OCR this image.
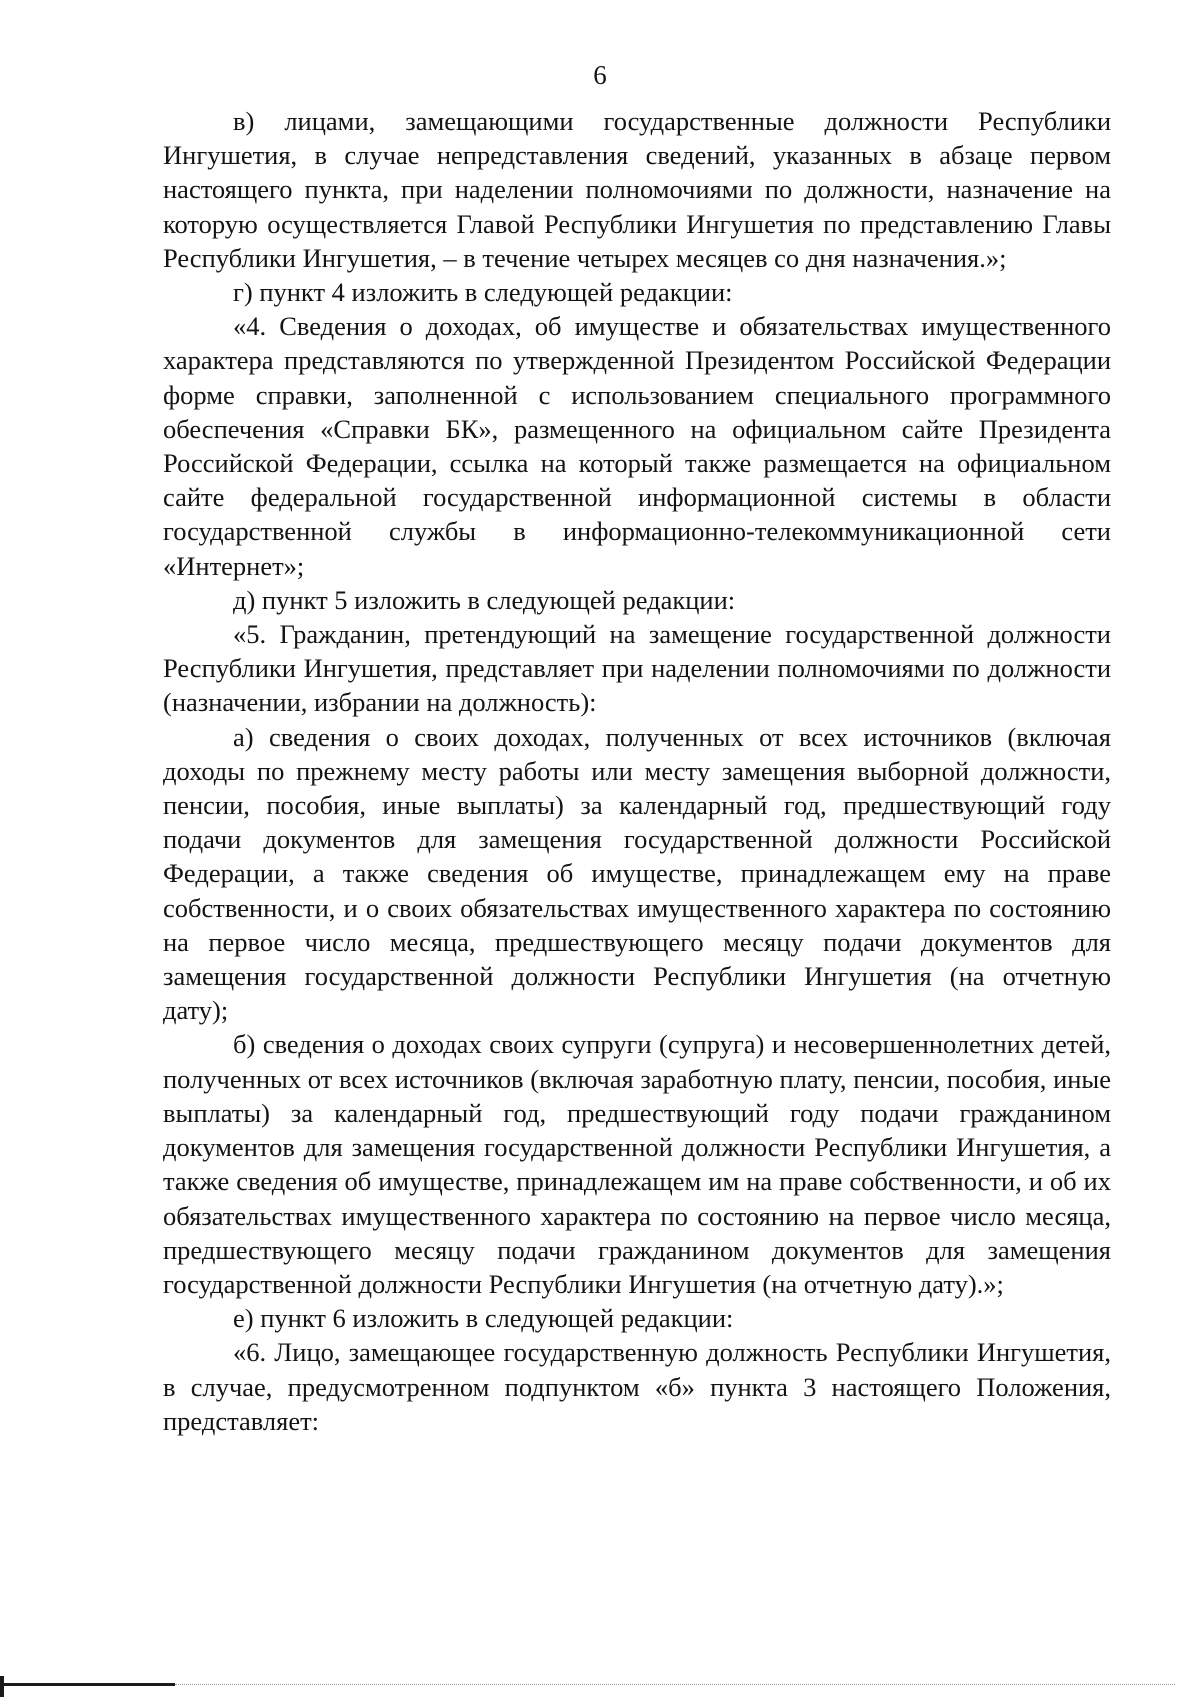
6

в) лицами, замещающими государственные должности Республики Ингушетия, в случае непредставления сведений, указанных в абзаце первом настоящего пункта, при наделении полномочиями по должности, назначение на которую осуществляется Главой Республики Ингушетия по представлению Главы Республики Ингушетия, – в течение четырех месяцев со дня назначения.»;

г) пункт 4 изложить в следующей редакции:

«4. Сведения о доходах, об имуществе и обязательствах имущественного характера представляются по утвержденной Президентом Российской Федерации форме справки, заполненной с использованием специального программного обеспечения «Справки БК», размещенного на официальном сайте Президента Российской Федерации, ссылка на который также размещается на официальном сайте федеральной государственной информационной системы в области государственной службы в информационно-телекоммуникационной сети «Интернет»;

д) пункт 5 изложить в следующей редакции:

«5. Гражданин, претендующий на замещение государственной должности Республики Ингушетия, представляет при наделении полномочиями по должности (назначении, избрании на должность):

а) сведения о своих доходах, полученных от всех источников (включая доходы по прежнему месту работы или месту замещения выборной должности, пенсии, пособия, иные выплаты) за календарный год, предшествующий году подачи документов для замещения государственной должности Российской Федерации, а также сведения об имуществе, принадлежащем ему на праве собственности, и о своих обязательствах имущественного характера по состоянию на первое число месяца, предшествующего месяцу подачи документов для замещения государственной должности Республики Ингушетия (на отчетную дату);

б) сведения о доходах своих супруги (супруга) и несовершеннолетних детей, полученных от всех источников (включая заработную плату, пенсии, пособия, иные выплаты) за календарный год, предшествующий году подачи гражданином документов для замещения государственной должности Республики Ингушетия, а также сведения об имуществе, принадлежащем им на праве собственности, и об их обязательствах имущественного характера по состоянию на первое число месяца, предшествующего месяцу подачи гражданином документов для замещения государственной должности Республики Ингушетия (на отчетную дату).»;

е) пункт 6 изложить в следующей редакции:

«6. Лицо, замещающее государственную должность Республики Ингушетия, в случае, предусмотренном подпунктом «б» пункта 3 настоящего Положения, представляет:
